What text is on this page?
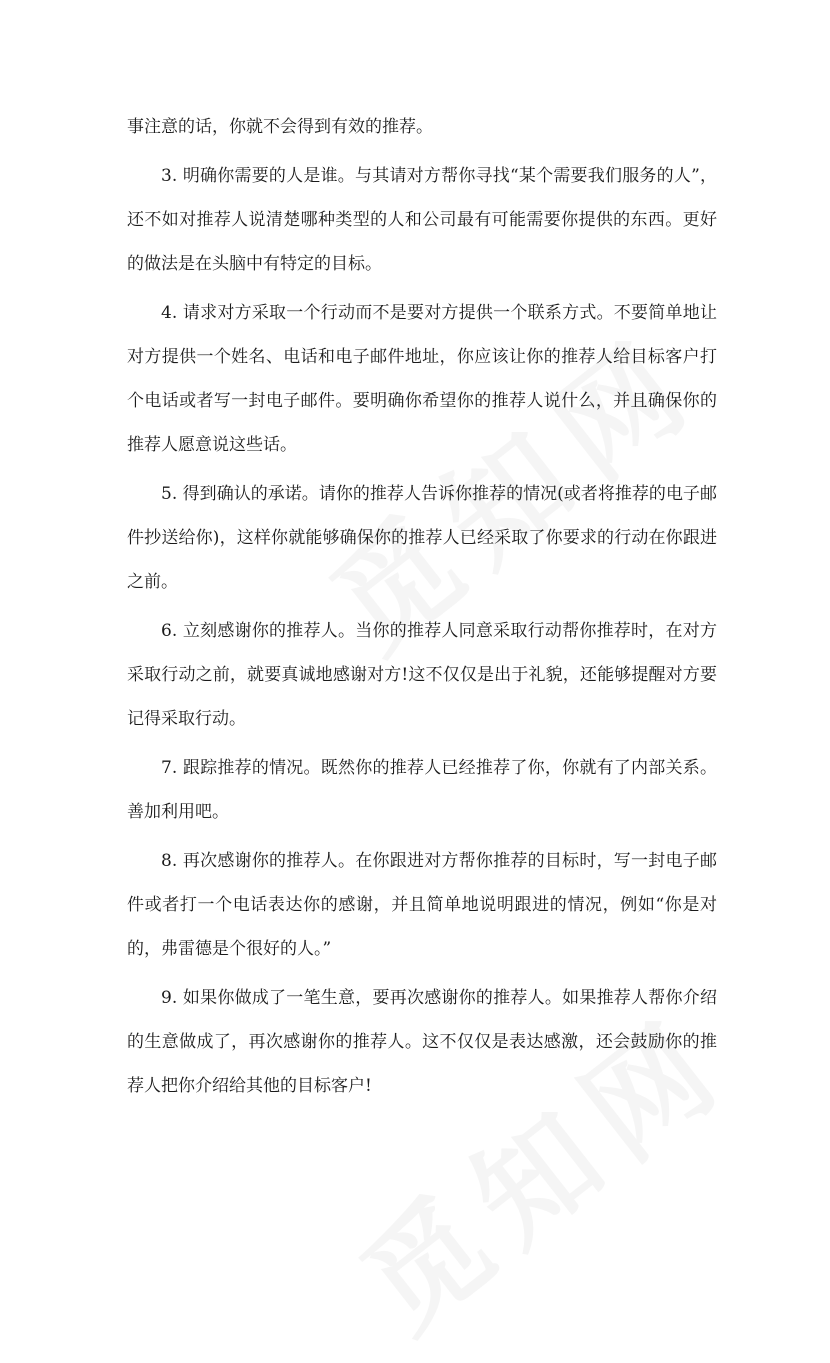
事注意的话，你就不会得到有效的推荐。

3. 明确你需要的人是谁。与其请对方帮你寻找“某个需要我们服务的人”，还不如对推荐人说清楚哪种类型的人和公司最有可能需要你提供的东西。更好的做法是在头脑中有特定的目标。

4. 请求对方采取一个行动而不是要对方提供一个联系方式。不要简单地让对方提供一个姓名、电话和电子邮件地址，你应该让你的推荐人给目标客户打个电话或者写一封电子邮件。要明确你希望你的推荐人说什么，并且确保你的推荐人愿意说这些话。

5. 得到确认的承诺。请你的推荐人告诉你推荐的情况(或者将推荐的电子邮件抄送给你)，这样你就能够确保你的推荐人已经采取了你要求的行动在你跟进之前。

6. 立刻感谢你的推荐人。当你的推荐人同意采取行动帮你推荐时，在对方采取行动之前，就要真诚地感谢对方!这不仅仅是出于礼貌，还能够提醒对方要记得采取行动。

7. 跟踪推荐的情况。既然你的推荐人已经推荐了你，你就有了内部关系。善加利用吧。

8. 再次感谢你的推荐人。在你跟进对方帮你推荐的目标时，写一封电子邮件或者打一个电话表达你的感谢，并且简单地说明跟进的情况，例如“你是对的，弗雷德是个很好的人。”

9. 如果你做成了一笔生意，要再次感谢你的推荐人。如果推荐人帮你介绍的生意做成了，再次感谢你的推荐人。这不仅仅是表达感激，还会鼓励你的推荐人把你介绍给其他的目标客户!
